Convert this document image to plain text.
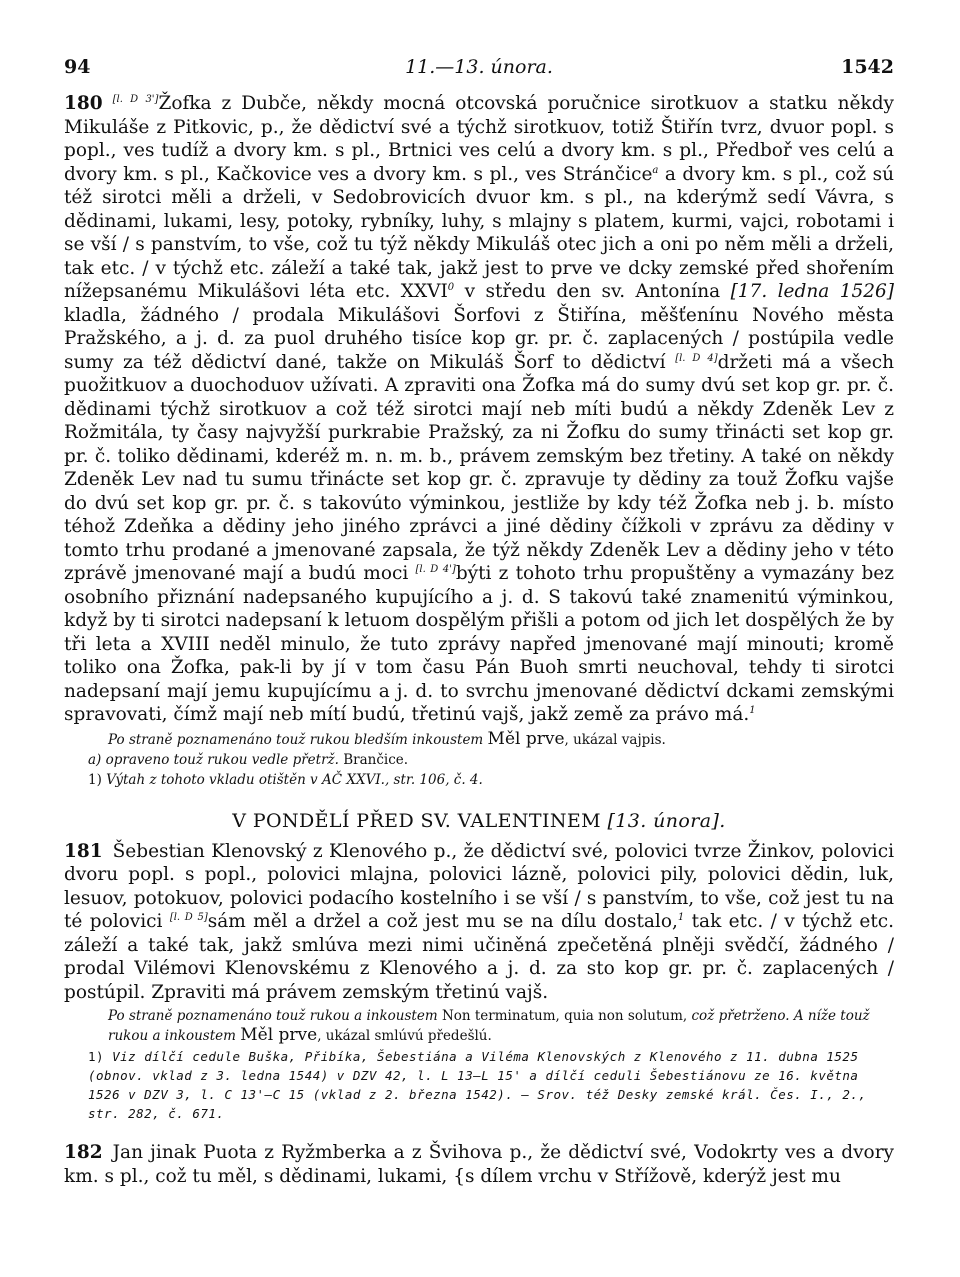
94	11.—13. února.	1542
180 [l. D 3']Žofka z Dubče, někdy mocná otcovská poručnice sirotkuov a statku někdy Mikuláše z Pitkovic, p., že dědictví své a týchž sirotkuov, totiž Štiřín tvrz, dvuor popl. s popl., ves tudíž a dvory km. s pl., Brtnici ves celú a dvory km. s pl., Předboř ves celú a dvory km. s pl., Kačkovice ves a dvory km. s pl., ves Stránčice$^a$ a dvory km. s pl., což sú též sirotci měli a drželi, v Sedobrovicích dvuor km. s pl., na kderýmž sedí Vávra, s dědinami, lukami, lesy, potoky, rybníky, luhy, s mlajny s platem, kurmi, vajci, robotami i se vší / s panstvím, to vše, což tu týž někdy Mikuláš otec jich a oni po něm měli a drželi, tak etc. / v týchž etc. záleží a také tak, jakž jest to prve ve dcky zemské před shořením nížepsanému Mikulášovi léta etc. XXVI$^0$ v středu den sv. Antonína [17. ledna 1526] kladla, žádného / prodala Mikulášovi Šorfovi z Štiřína, měšťenínu Nového města Pražského, a j. d. za puol druhého tisíce kop gr. pr. č. zaplacených / postúpila vedle sumy za též dědictví dané, takže on Mikuláš Šorf to dědictví [l. D 4]držeti má a všech puožitkuov a duochoduov užívati. A zpraviti ona Žofka má do sumy dvú set kop gr. pr. č. dědinami týchž sirotkuov a což též sirotci mají neb míti budú a někdy Zdeněk Lev z Rožmitála, ty časy najvyžší purkrabie Pražský, za ni Žofku do sumy třinácti set kop gr. pr. č. toliko dědinami, kderéž m. n. m. b., právem zemským bez třetiny. A také on někdy Zdeněk Lev nad tu sumu třinácte set kop gr. č. zpravuje ty dědiny za touž Žofku vajšе do dvú set kop gr. pr. č. s takovúto výminkou, jestliže by kdy též Žofka neb j. b. místo téhož Zdeňka a dědiny jeho jiného zprávci a jiné dědiny čížkoli v zprávu za dědiny v tomto trhu prodané a jmenované zapsala, že týž někdy Zdeněk Lev a dědiny jeho v této zprávě jmenované mají a budú moci [l. D 4']býti z tohoto trhu propuštěny a vymazány bez osobního přiznání nadepsaného kupujícího a j. d. S takovú také znamenitú výminkou, když by ti sirotci nadepsaní k letuom dospělým přišli a potom od jich let dospělých že by tři leta a XVIII neděl minulo, že tuto zprávy napřed jmenované mají minouti; kromě toliko ona Žofka, pak-li by jí v tom času Pán Buoh smrti neuchoval, tehdy ti sirotci nadepsaní mají jemu kupujícímu a j. d. to svrchu jmenované dědictví dckami zemskými spravovati, čímž mají neb mítí budú, třetinú vajš, jakž země za právo má.$^1$

Po straně poznamenáno touž rukou bledším inkoustem Měl prve, ukázal vajpis.

a) opraveno touž rukou vedle přetrž. Brančice.

1) Výtah z tohoto vkladu otištěn v AČ XXVI., str. 106, č. 4.

V PONDĚLÍ PŘED SV. VALENTINEM [13. února].
181 Šebestian Klenovský z Klenového p., že dědictví své, polovici tvrze Žinkov, polovici dvoru popl. s popl., polovici mlajna, polovici lázně, polovici pily, polovici dědin, luk, lesuov, potokuov, polovici podacího kostelního i se vší / s panstvím, to vše, což jest tu na té polovici [l. D 5]sám měl a držel a což jest mu se na dílu dostalo,$^1$ tak etc. / v týchž etc. záleží a také tak, jakž smlúva mezi nimi učiněná zpečetěná plněji svědčí, žádného / prodal Vilémovi Klenovskému z Klenového a j. d. za sto kop gr. pr. č. zaplacených / postúpil. Zpraviti má právem zemským třetinú vajš.

Po straně poznamenáno touž rukou a inkoustem Non terminatum, quia non solutum, což přetrženo. A níže touž rukou a inkoustem Měl prve, ukázal smlúvú předešlú.

1) Viz dílčí cedule Buška, Přibíka, Šebestiána a Viléma Klenovských z Klenového z 11. dubna 1525 (obnov. vklad z 3. ledna 1544) v DZV 42, l. L 13—L 15' a dílčí ceduli Šebestiánovu ze 16. května 1526 v DZV 3, l. C 13'—C 15 (vklad z 2. března 1542). — Srov. též Desky zemské král. Čes. I., 2., str. 282, č. 671.

182 Jan jinak Puota z Ryžmberka a z Švihova p., že dědictví své, Vodokrty ves a dvory km. s pl., což tu měl, s dědinami, lukami, {s dílem vrchu v Střížově, kderýž jest mu
